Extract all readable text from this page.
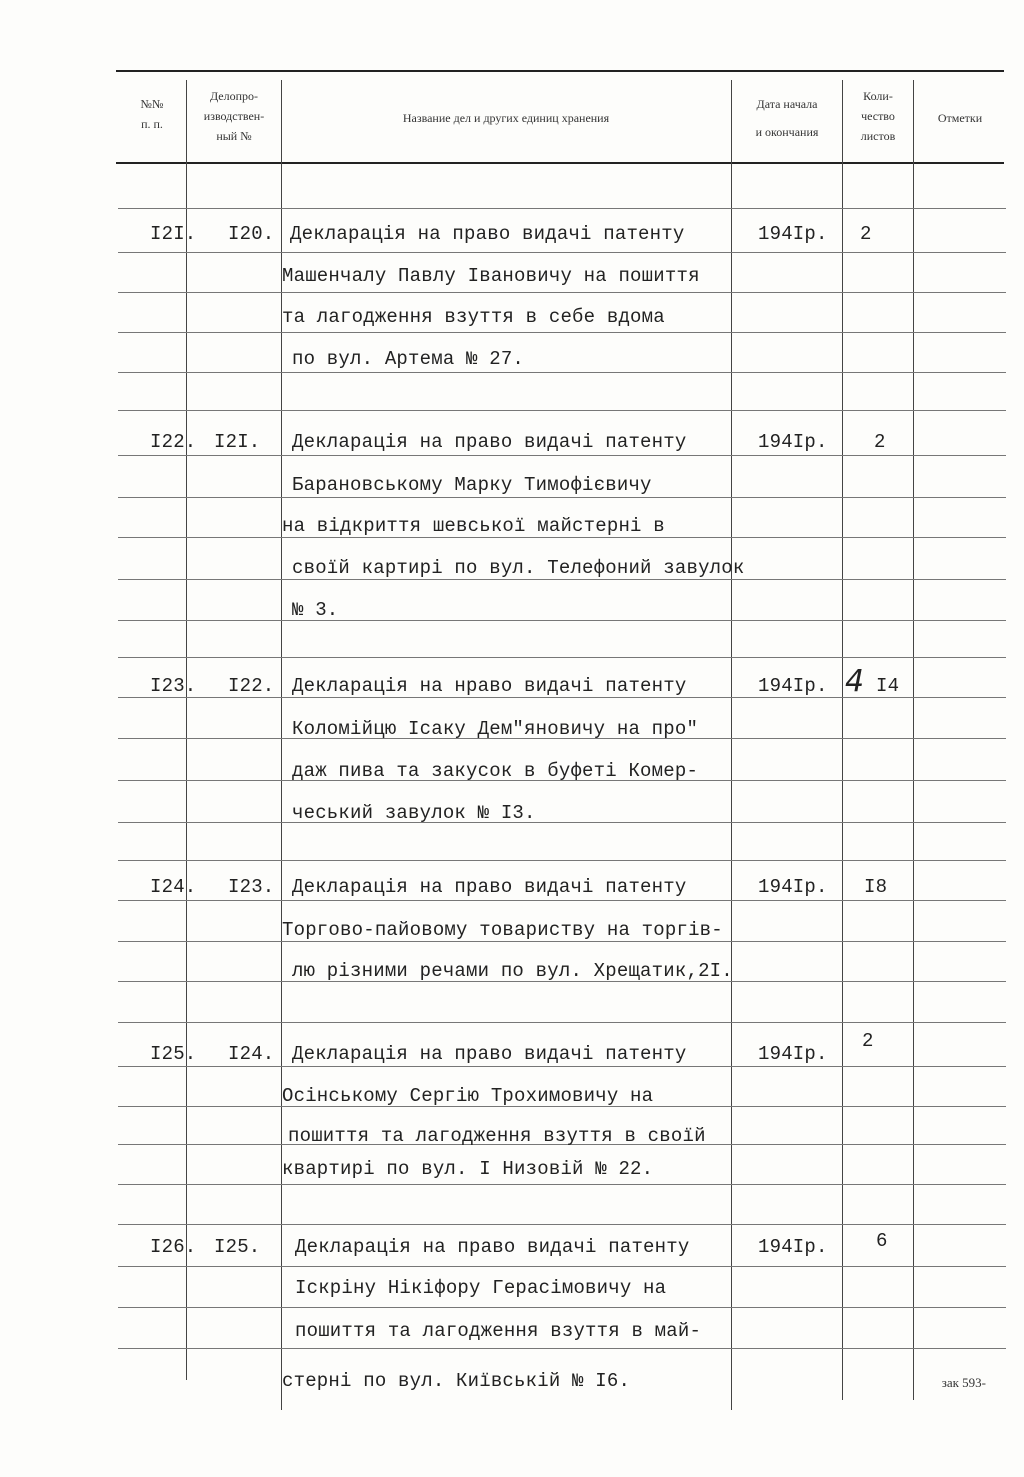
№№
п. п.
Делопро-
изводствен-
ный №
Название дел и других единиц хранения
Дата начала
и окончания
Коли-
чество
листов
Отметки
I2I. I20. Декларація на право видачі патенту
Машенчалу Павлу Івановичу на пошиття
та лагодження взуття в себе вдома
по вул. Артема № 27.
194Iр. 2
I22. I2I. Декларація на право видачі патенту
Барановському Марку Тимофієвичу
на відкриття шевської майстерні в
своїй картирі по вул. Телефоний завулок
№ 3.
194Iр. 2
I23. I22. Декларація на нраво видачі патенту
Коломійцю Ісаку Дем"яновичу на про"
даж пива та закусок в буфеті Комер-
чеський завулок № I3.
194Iр. 4 I4
I24. I23. Декларація на право видачі патенту
Торгово-пайовому товариству на торгів-
лю різними речами по вул. Хрещатик,2I.
194Iр. I8
I25. I24. Декларація на право видачі патенту
Осінському Сергію Трохимовичу на
пошиття та лагодження взуття в своїй
квартирі по вул. І Низовій № 22.
194Iр.
2
I26. I25. Декларація на право видачі патенту
Іскріну Нікіфору Герасімовичу на
пошиття та лагодження взуття в май-
стерні по вул. Київській № I6.
194Iр.	6
зак 593-
